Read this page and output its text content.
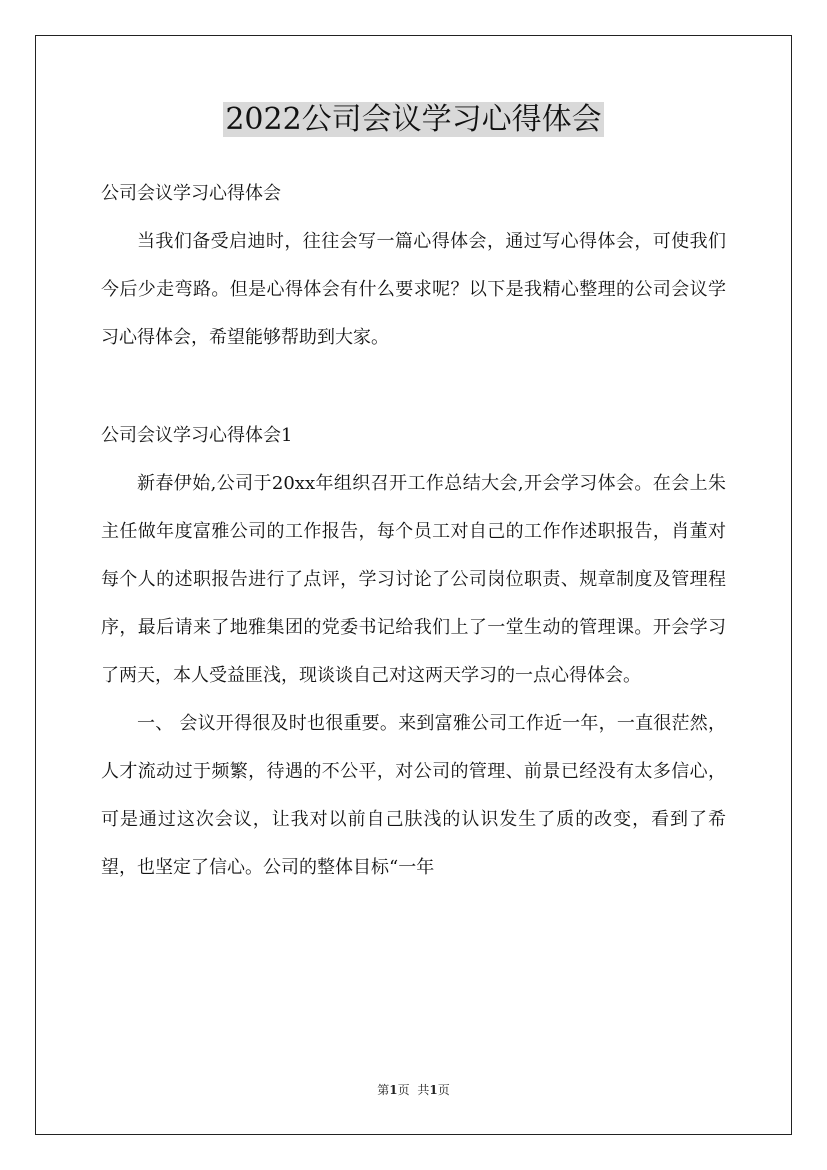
2022公司会议学习心得体会

公司会议学习心得体会

当我们备受启迪时，往往会写一篇心得体会，通过写心得体会，可使我们今后少走弯路。但是心得体会有什么要求呢？以下是我精心整理的公司会议学习心得体会，希望能够帮助到大家。

公司会议学习心得体会1

新春伊始,公司于20xx年组织召开工作总结大会,开会学习体会。在会上朱主任做年度富雅公司的工作报告，每个员工对自己的工作作述职报告，肖董对每个人的述职报告进行了点评，学习讨论了公司岗位职责、规章制度及管理程序，最后请来了地雅集团的党委书记给我们上了一堂生动的管理课。开会学习了两天，本人受益匪浅，现谈谈自己对这两天学习的一点心得体会。

一、 会议开得很及时也很重要。来到富雅公司工作近一年，一直很茫然，人才流动过于频繁，待遇的不公平，对公司的管理、前景已经没有太多信心，可是通过这次会议，让我对以前自己肤浅的认识发生了质的改变，看到了希望，也坚定了信心。公司的整体目标“一年

第1页 共1页
